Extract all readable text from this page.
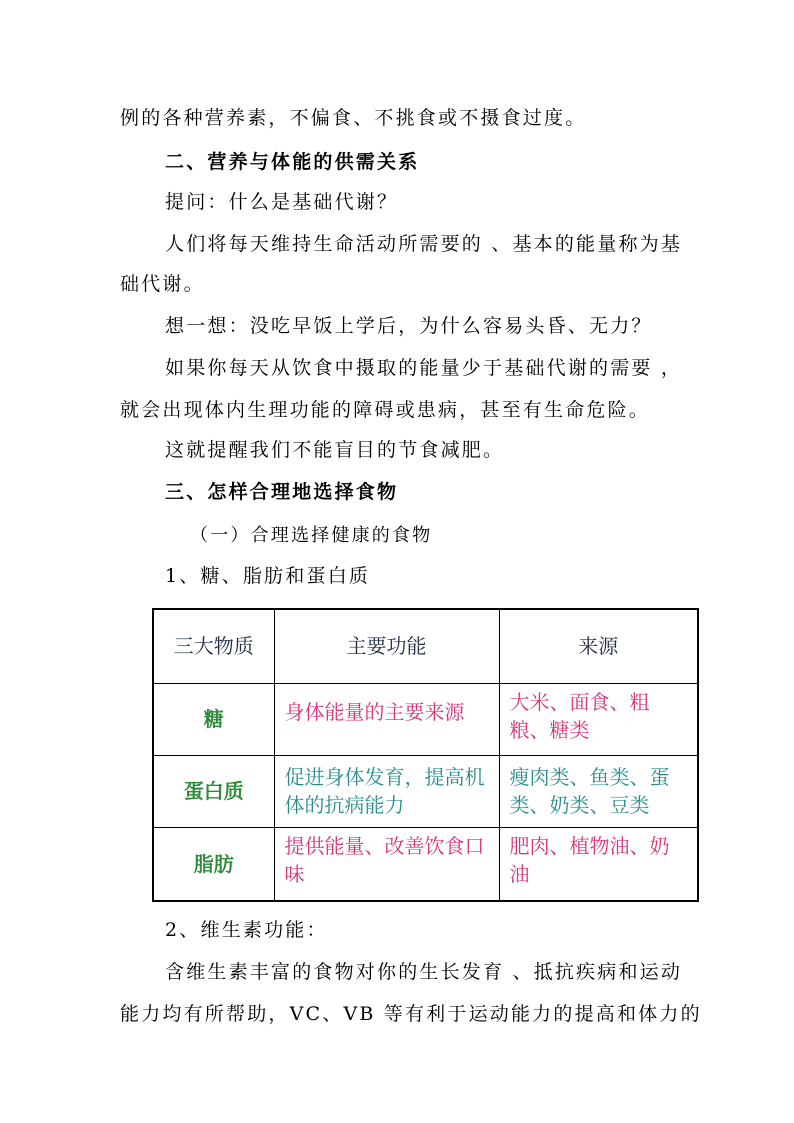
例的各种营养素，不偏食、不挑食或不摄食过度。
二、营养与体能的供需关系
提问：什么是基础代谢？
人们将每天维持生命活动所需要的 、基本的能量称为基
础代谢。
想一想：没吃早饭上学后，为什么容易头昏、无力？
如果你每天从饮食中摄取的能量少于基础代谢的需要 ，
就会出现体内生理功能的障碍或患病，甚至有生命危险。
这就提醒我们不能盲目的节食减肥。
三、怎样合理地选择食物
（一）合理选择健康的食物
1、糖、脂肪和蛋白质
三大物质	主要功能	来源
糖	身体能量的主要来源	大米、面食、粗粮、糖类
蛋白质	促进身体发育，提高机体的抗病能力	瘦肉类、鱼类、蛋类、奶类、豆类
脂肪	提供能量、改善饮食口味	肥肉、植物油、奶油
2、维生素功能：
含维生素丰富的食物对你的生长发育 、抵抗疾病和运动
能力均有所帮助，VC、VB 等有利于运动能力的提高和体力的
